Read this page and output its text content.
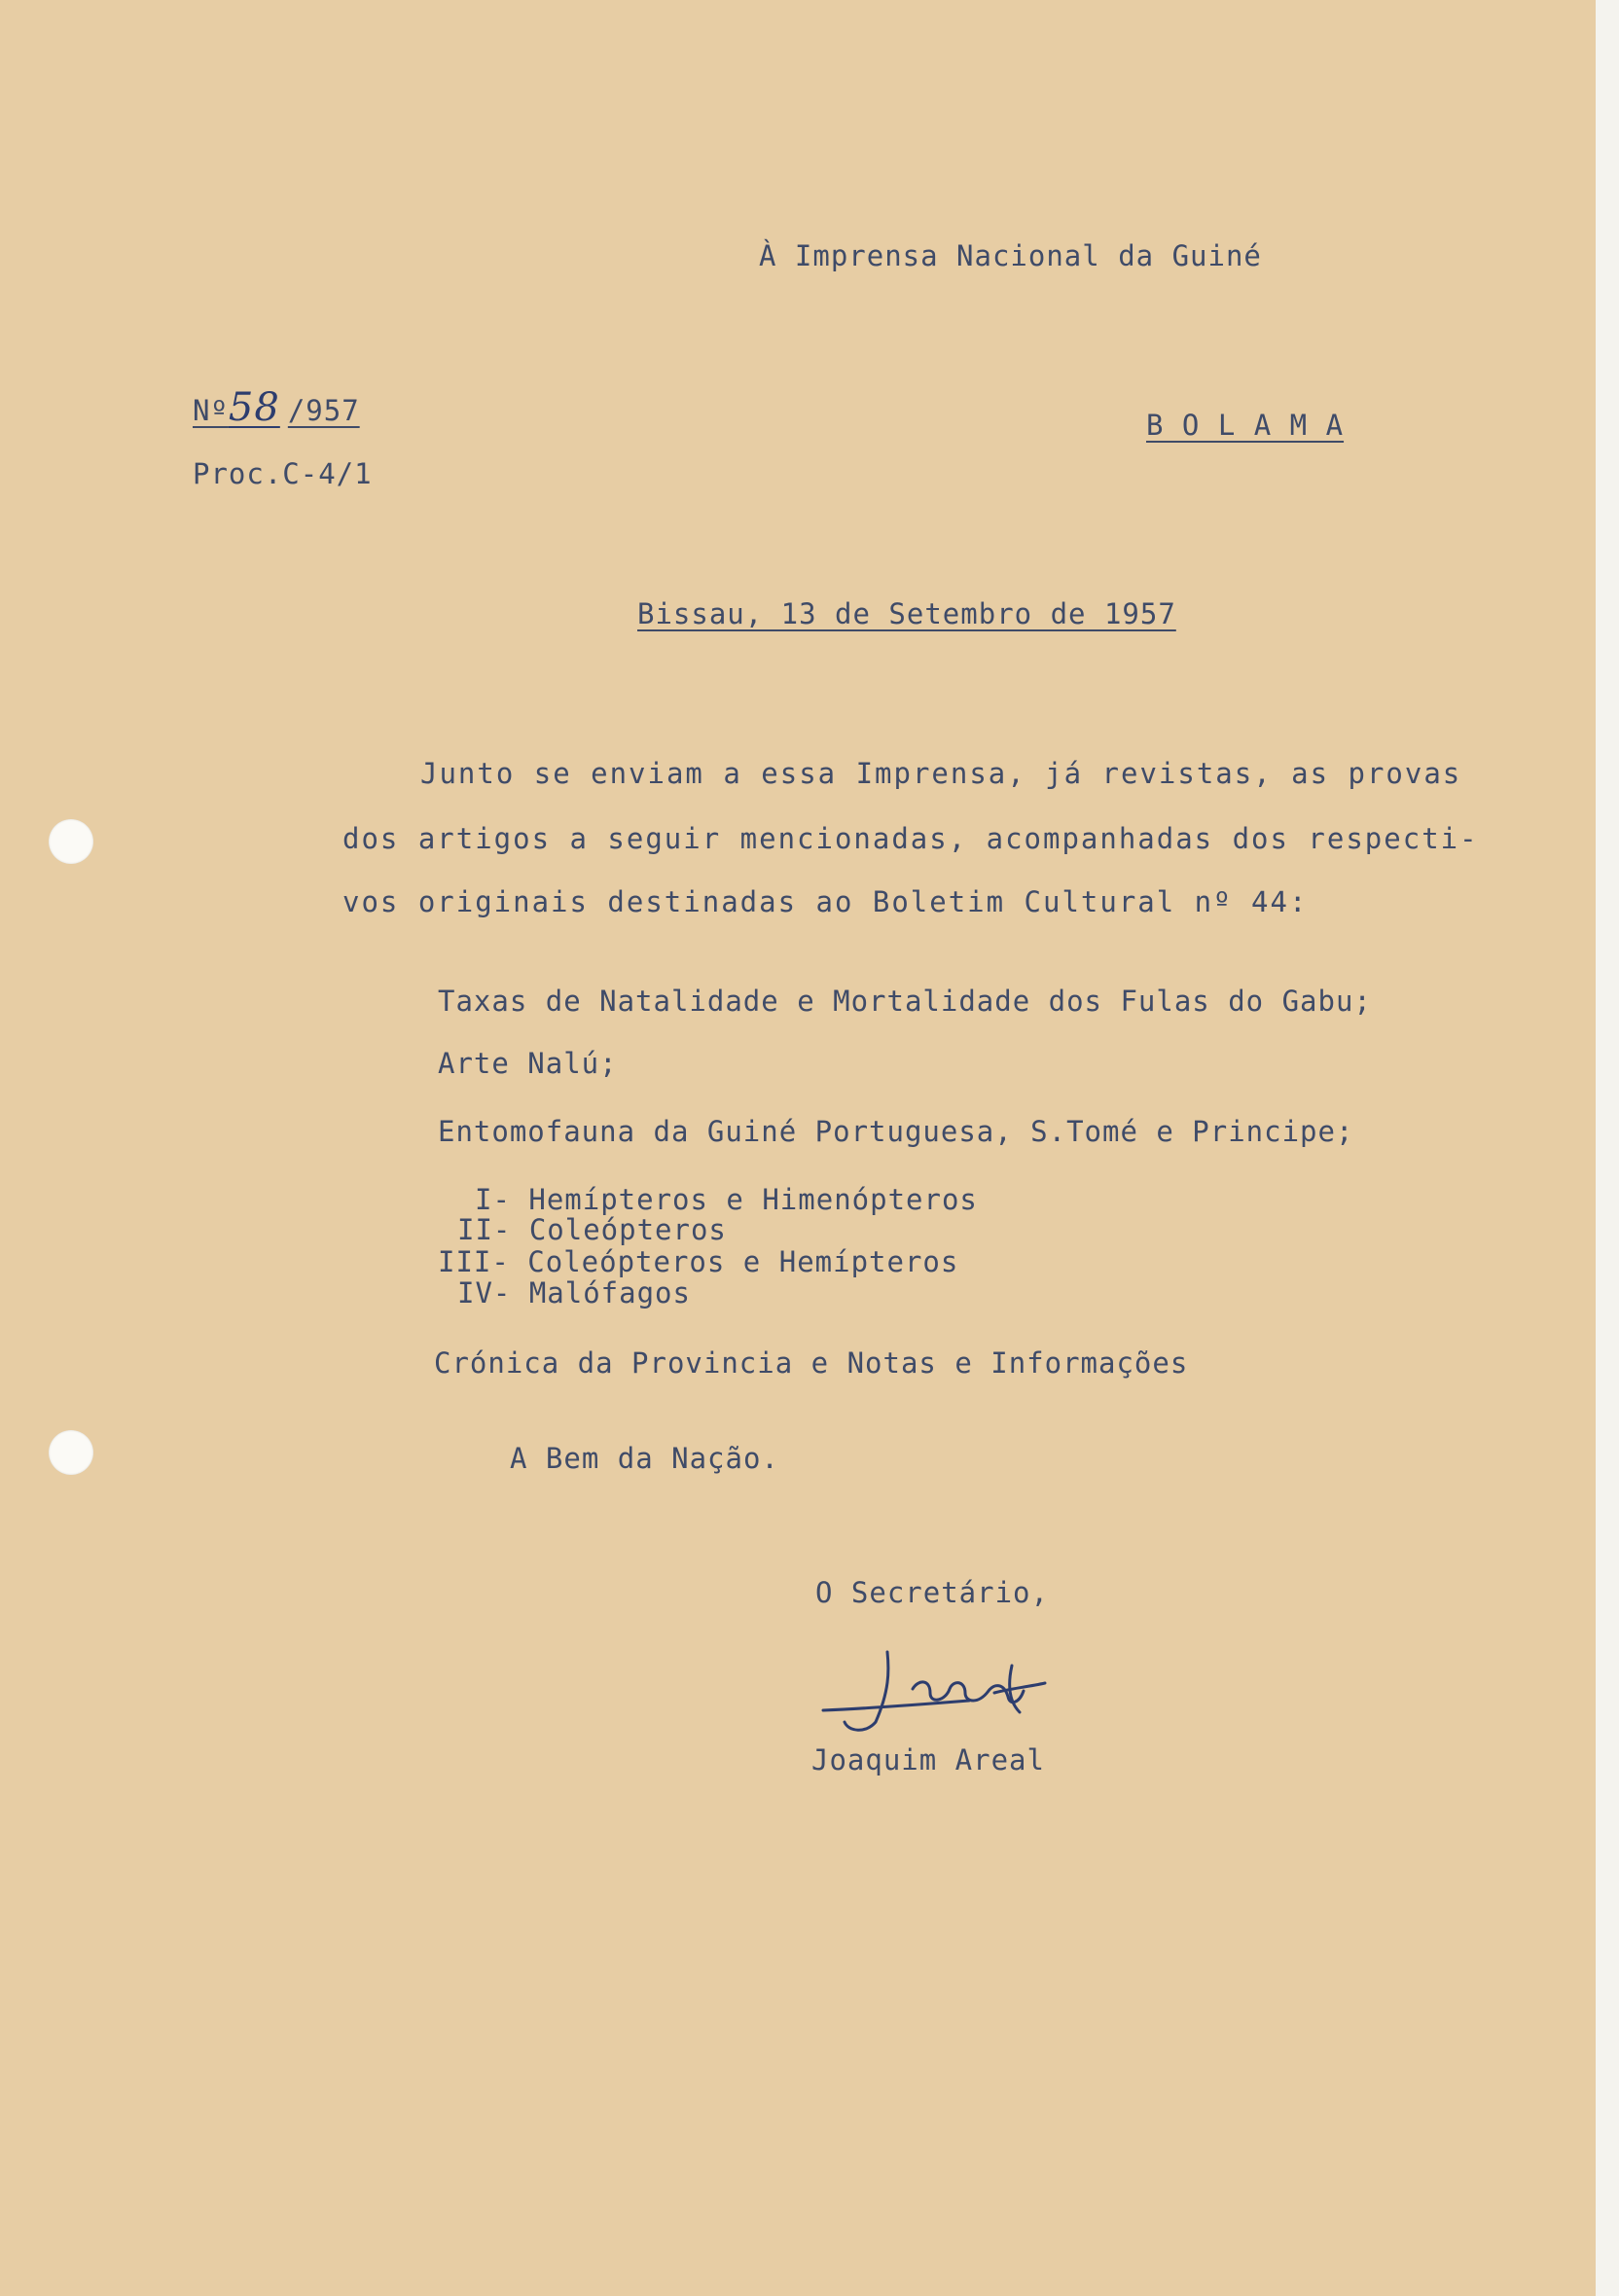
À Imprensa Nacional da Guiné
Nº58 /957
Proc.C-4/1
B O L A M A
Bissau, 13 de Setembro de 1957
Junto se enviam a essa Imprensa, já revistas, as provas
dos artigos a seguir mencionadas, acompanhadas dos respecti-
vos originais destinadas ao Boletim Cultural nº 44:
Taxas de Natalidade e Mortalidade dos Fulas do Gabu;
Arte Nalú;
Entomofauna da Guiné Portuguesa, S.Tomé e Principe;
I- Hemípteros e Himenópteros
II- Coleópteros
III- Coleópteros e Hemípteros
IV- Malófagos
Crónica da Provincia e Notas e Informações
A Bem da Nação.
O Secretário,
Joaquim Areal
